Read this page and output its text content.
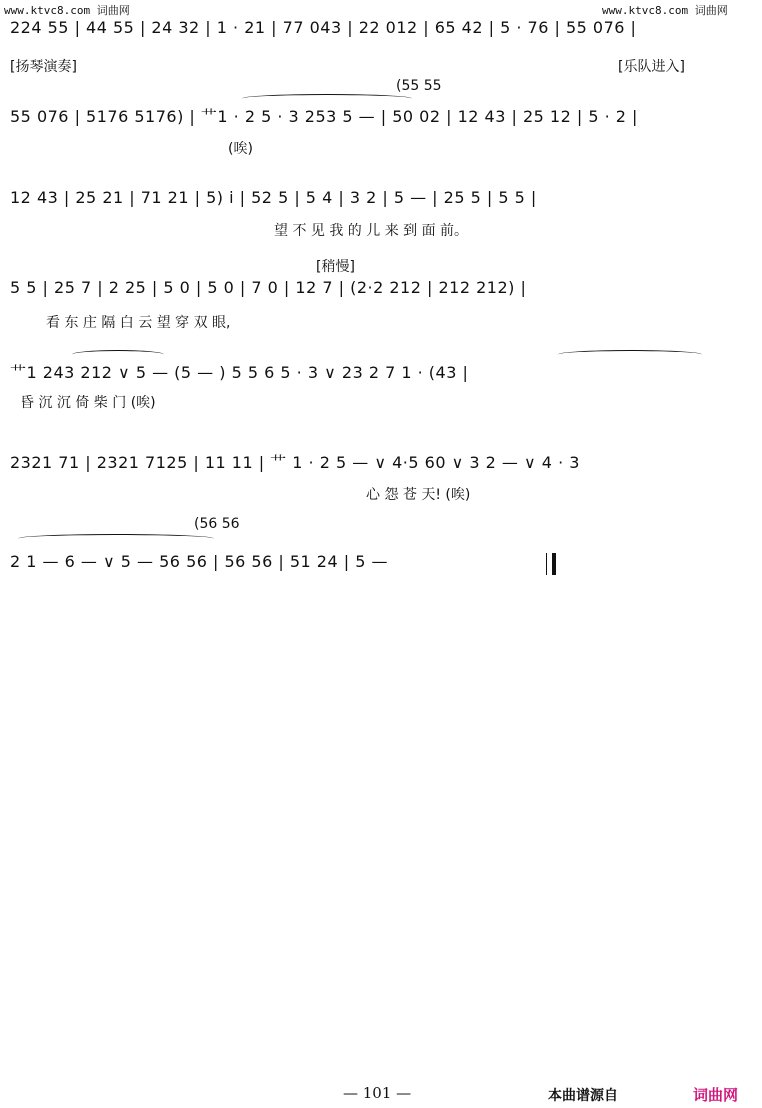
www.ktvc8.com 词曲网	www.ktvc8.com 词曲网
224 55 | 44 55 | 24 32 | 1 · 21 | 77 043 | 22 012 | 65 42 | 5 · 76 | 55 076 |
[扬琴演奏]	[乐队进入]
(55 55
55 076 | 5176 5176) | 艹1 · 2 5 · 3 253 5 — | 50 02 | 12 43 | 25 12 | 5 · 2 |
(唉)
12 43 | 25 21 | 71 21 | 5) i | 52 5 | 5 4 | 3 2 | 5 — | 25 5 | 5 5 |
望 不 见 我 的 儿 来 到 面 前。
[稍慢]
5 5 | 25 7 | 2 25 | 5 0 | 5 0 | 7 0 | 12 7 | (2·2 212 | 212 212) |
看 东 庄 隔 白 云 望 穿 双 眼,
艹1 243 212 ∨ 5 — (5 — ) 5 5 6 5 · 3 ∨ 23 2 7 1 · (43 |
昏 沉 沉 倚 柴 门 (唉)
2321 71 | 2321 7125 | 11 11 | 艹 1 · 2 5 — ∨ 4·5 60 ∨ 3 2 — ∨ 4 · 3
心 怨 苍 天! (唉)
(56 56
2 1 — 6 — ∨ 5 — 56 56 | 56 56 | 51 24 | 5 —
— 101 —	本曲谱源自	词曲网
